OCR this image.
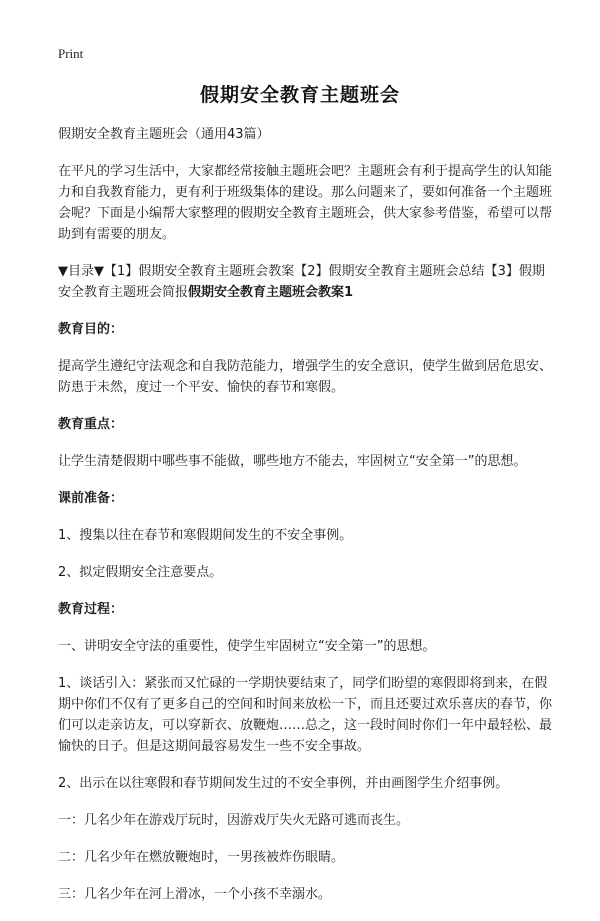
Print
假期安全教育主题班会

假期安全教育主题班会（通用43篇）

在平凡的学习生活中，大家都经常接触主题班会吧？主题班会有利于提高学生的认知能力和自我教育能力，更有利于班级集体的建设。那么问题来了，要如何准备一个主题班会呢？下面是小编帮大家整理的假期安全教育主题班会，供大家参考借鉴，希望可以帮助到有需要的朋友。

▼目录▼【1】假期安全教育主题班会教案【2】假期安全教育主题班会总结【3】假期安全教育主题班会简报假期安全教育主题班会教案1

教育目的：

提高学生遵纪守法观念和自我防范能力，增强学生的安全意识，使学生做到居危思安、防患于未然，度过一个平安、愉快的春节和寒假。

教育重点：

让学生清楚假期中哪些事不能做，哪些地方不能去，牢固树立“安全第一”的思想。

课前准备：

1、搜集以往在春节和寒假期间发生的不安全事例。

2、拟定假期安全注意要点。

教育过程：

一、讲明安全守法的重要性，使学生牢固树立“安全第一”的思想。

1、谈话引入：紧张而又忙碌的一学期快要结束了，同学们盼望的寒假即将到来，在假期中你们不仅有了更多自己的空间和时间来放松一下，而且还要过欢乐喜庆的春节，你们可以走亲访友，可以穿新衣、放鞭炮……总之，这一段时间时你们一年中最轻松、最愉快的日子。但是这期间最容易发生一些不安全事故。

2、出示在以往寒假和春节期间发生过的不安全事例，并由画图学生介绍事例。

一：几名少年在游戏厅玩时，因游戏厅失火无路可逃而丧生。

二：几名少年在燃放鞭炮时，一男孩被炸伤眼睛。

三：几名少年在河上滑冰，一个小孩不幸溺水。
